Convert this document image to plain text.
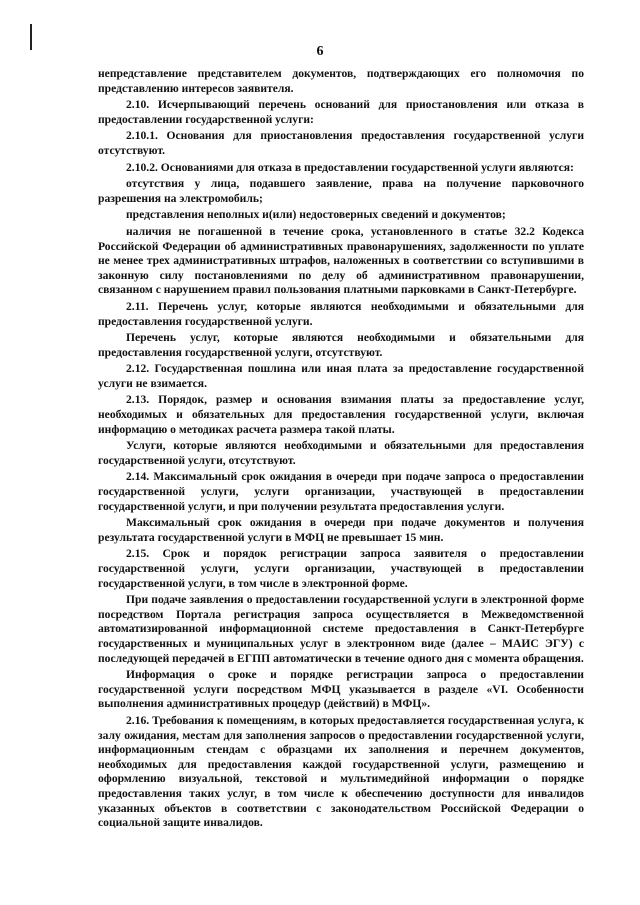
6

непредставление представителем документов, подтверждающих его полномочия по представлению интересов заявителя.

2.10. Исчерпывающий перечень оснований для приостановления или отказа в предоставлении государственной услуги:

2.10.1. Основания для приостановления предоставления государственной услуги отсутствуют.

2.10.2. Основаниями для отказа в предоставлении государственной услуги являются:

отсутствия у лица, подавшего заявление, права на получение парковочного разрешения на электромобиль;

представления неполных и(или) недостоверных сведений и документов;

наличия не погашенной в течение срока, установленного в статье 32.2 Кодекса Российской Федерации об административных правонарушениях, задолженности по уплате не менее трех административных штрафов, наложенных в соответствии со вступившими в законную силу постановлениями по делу об административном правонарушении, связанном с нарушением правил пользования платными парковками в Санкт-Петербурге.

2.11. Перечень услуг, которые являются необходимыми и обязательными для предоставления государственной услуги.

Перечень услуг, которые являются необходимыми и обязательными для предоставления государственной услуги, отсутствуют.

2.12. Государственная пошлина или иная плата за предоставление государственной услуги не взимается.

2.13. Порядок, размер и основания взимания платы за предоставление услуг, необходимых и обязательных для предоставления государственной услуги, включая информацию о методиках расчета размера такой платы.

Услуги, которые являются необходимыми и обязательными для предоставления государственной услуги, отсутствуют.

2.14. Максимальный срок ожидания в очереди при подаче запроса о предоставлении государственной услуги, услуги организации, участвующей в предоставлении государственной услуги, и при получении результата предоставления услуги.

Максимальный срок ожидания в очереди при подаче документов и получения результата государственной услуги в МФЦ не превышает 15 мин.

2.15. Срок и порядок регистрации запроса заявителя о предоставлении государственной услуги, услуги организации, участвующей в предоставлении государственной услуги, в том числе в электронной форме.

При подаче заявления о предоставлении государственной услуги в электронной форме посредством Портала регистрация запроса осуществляется в Межведомственной автоматизированной информационной системе предоставления в Санкт-Петербурге государственных и муниципальных услуг в электронном виде (далее – МАИС ЭГУ) с последующей передачей в ЕГПП автоматически в течение одного дня с момента обращения.

Информация о сроке и порядке регистрации запроса о предоставлении государственной услуги посредством МФЦ указывается в разделе «VI. Особенности выполнения административных процедур (действий) в МФЦ».

2.16. Требования к помещениям, в которых предоставляется государственная услуга, к залу ожидания, местам для заполнения запросов о предоставлении государственной услуги, информационным стендам с образцами их заполнения и перечнем документов, необходимых для предоставления каждой государственной услуги, размещению и оформлению визуальной, текстовой и мультимедийной информации о порядке предоставления таких услуг, в том числе к обеспечению доступности для инвалидов указанных объектов в соответствии с законодательством Российской Федерации о социальной защите инвалидов.
